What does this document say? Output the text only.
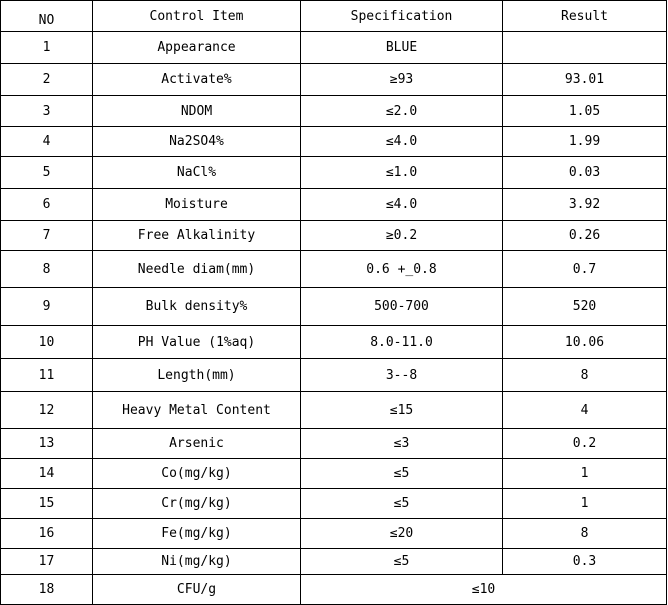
NO	Control Item	Specification	Result
1	Appearance	BLUE	
2	Activate%	≥93	93.01
3	NDOM	≤2.0	1.05
4	Na2SO4%	≤4.0	1.99
5	NaCl%	≤1.0	0.03
6	Moisture	≤4.0	3.92
7	Free Alkalinity	≥0.2	0.26
8	Needle diam(mm)	0.6 +_0.8	0.7
9	Bulk density%	500-700	520
10	PH Value (1%aq)	8.0-11.0	10.06
11	Length(mm)	3--8	8
12	Heavy Metal Content	≤15	4
13	Arsenic	≤3	0.2
14	Co(mg/kg)	≤5	1
15	Cr(mg/kg)	≤5	1
16	Fe(mg/kg)	≤20	8
17	Ni(mg/kg)	≤5	0.3
18	CFU/g	≤10	
